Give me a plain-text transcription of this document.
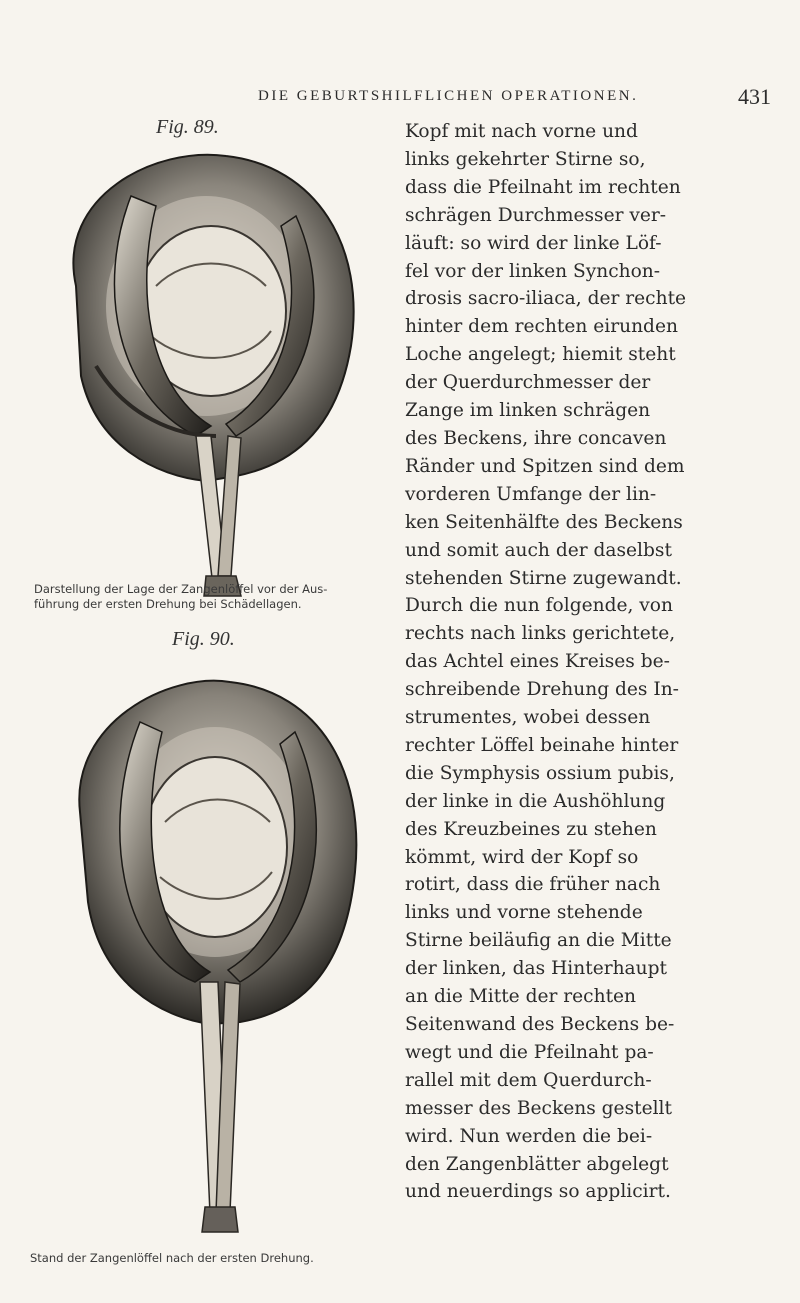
DIE GEBURTSHILFLICHEN OPERATIONEN.	431
Fig. 89.
Darstellung der Lage der Zangenlöffel vor der Aus-
führung der ersten Drehung bei Schädellagen.
Fig. 90.
Stand der Zangenlöffel nach der ersten Drehung.
Kopf mit nach vorne und
links gekehrter Stirne so,
dass die Pfeilnaht im rechten
schrägen Durchmesser ver-
läuft: so wird der linke Löf-
fel vor der linken Synchon-
drosis sacro-iliaca, der rechte
hinter dem rechten eirunden
Loche angelegt; hiemit steht
der Querdurchmesser der
Zange im linken schrägen
des Beckens, ihre concaven
Ränder und Spitzen sind dem
vorderen Umfange der lin-
ken Seitenhälfte des Beckens
und somit auch der daselbst
stehenden Stirne zugewandt.
Durch die nun folgende, von
rechts nach links gerichtete,
das Achtel eines Kreises be-
schreibende Drehung des In-
strumentes, wobei dessen
rechter Löffel beinahe hinter
die Symphysis ossium pubis,
der linke in die Aushöhlung
des Kreuzbeines zu stehen
kömmt, wird der Kopf so
rotirt, dass die früher nach
links und vorne stehende
Stirne beiläufig an die Mitte
der linken, das Hinterhaupt
an die Mitte der rechten
Seitenwand des Beckens be-
wegt und die Pfeilnaht pa-
rallel mit dem Querdurch-
messer des Beckens gestellt
wird. Nun werden die bei-
den Zangenblätter abgelegt
und neuerdings so applicirt.
